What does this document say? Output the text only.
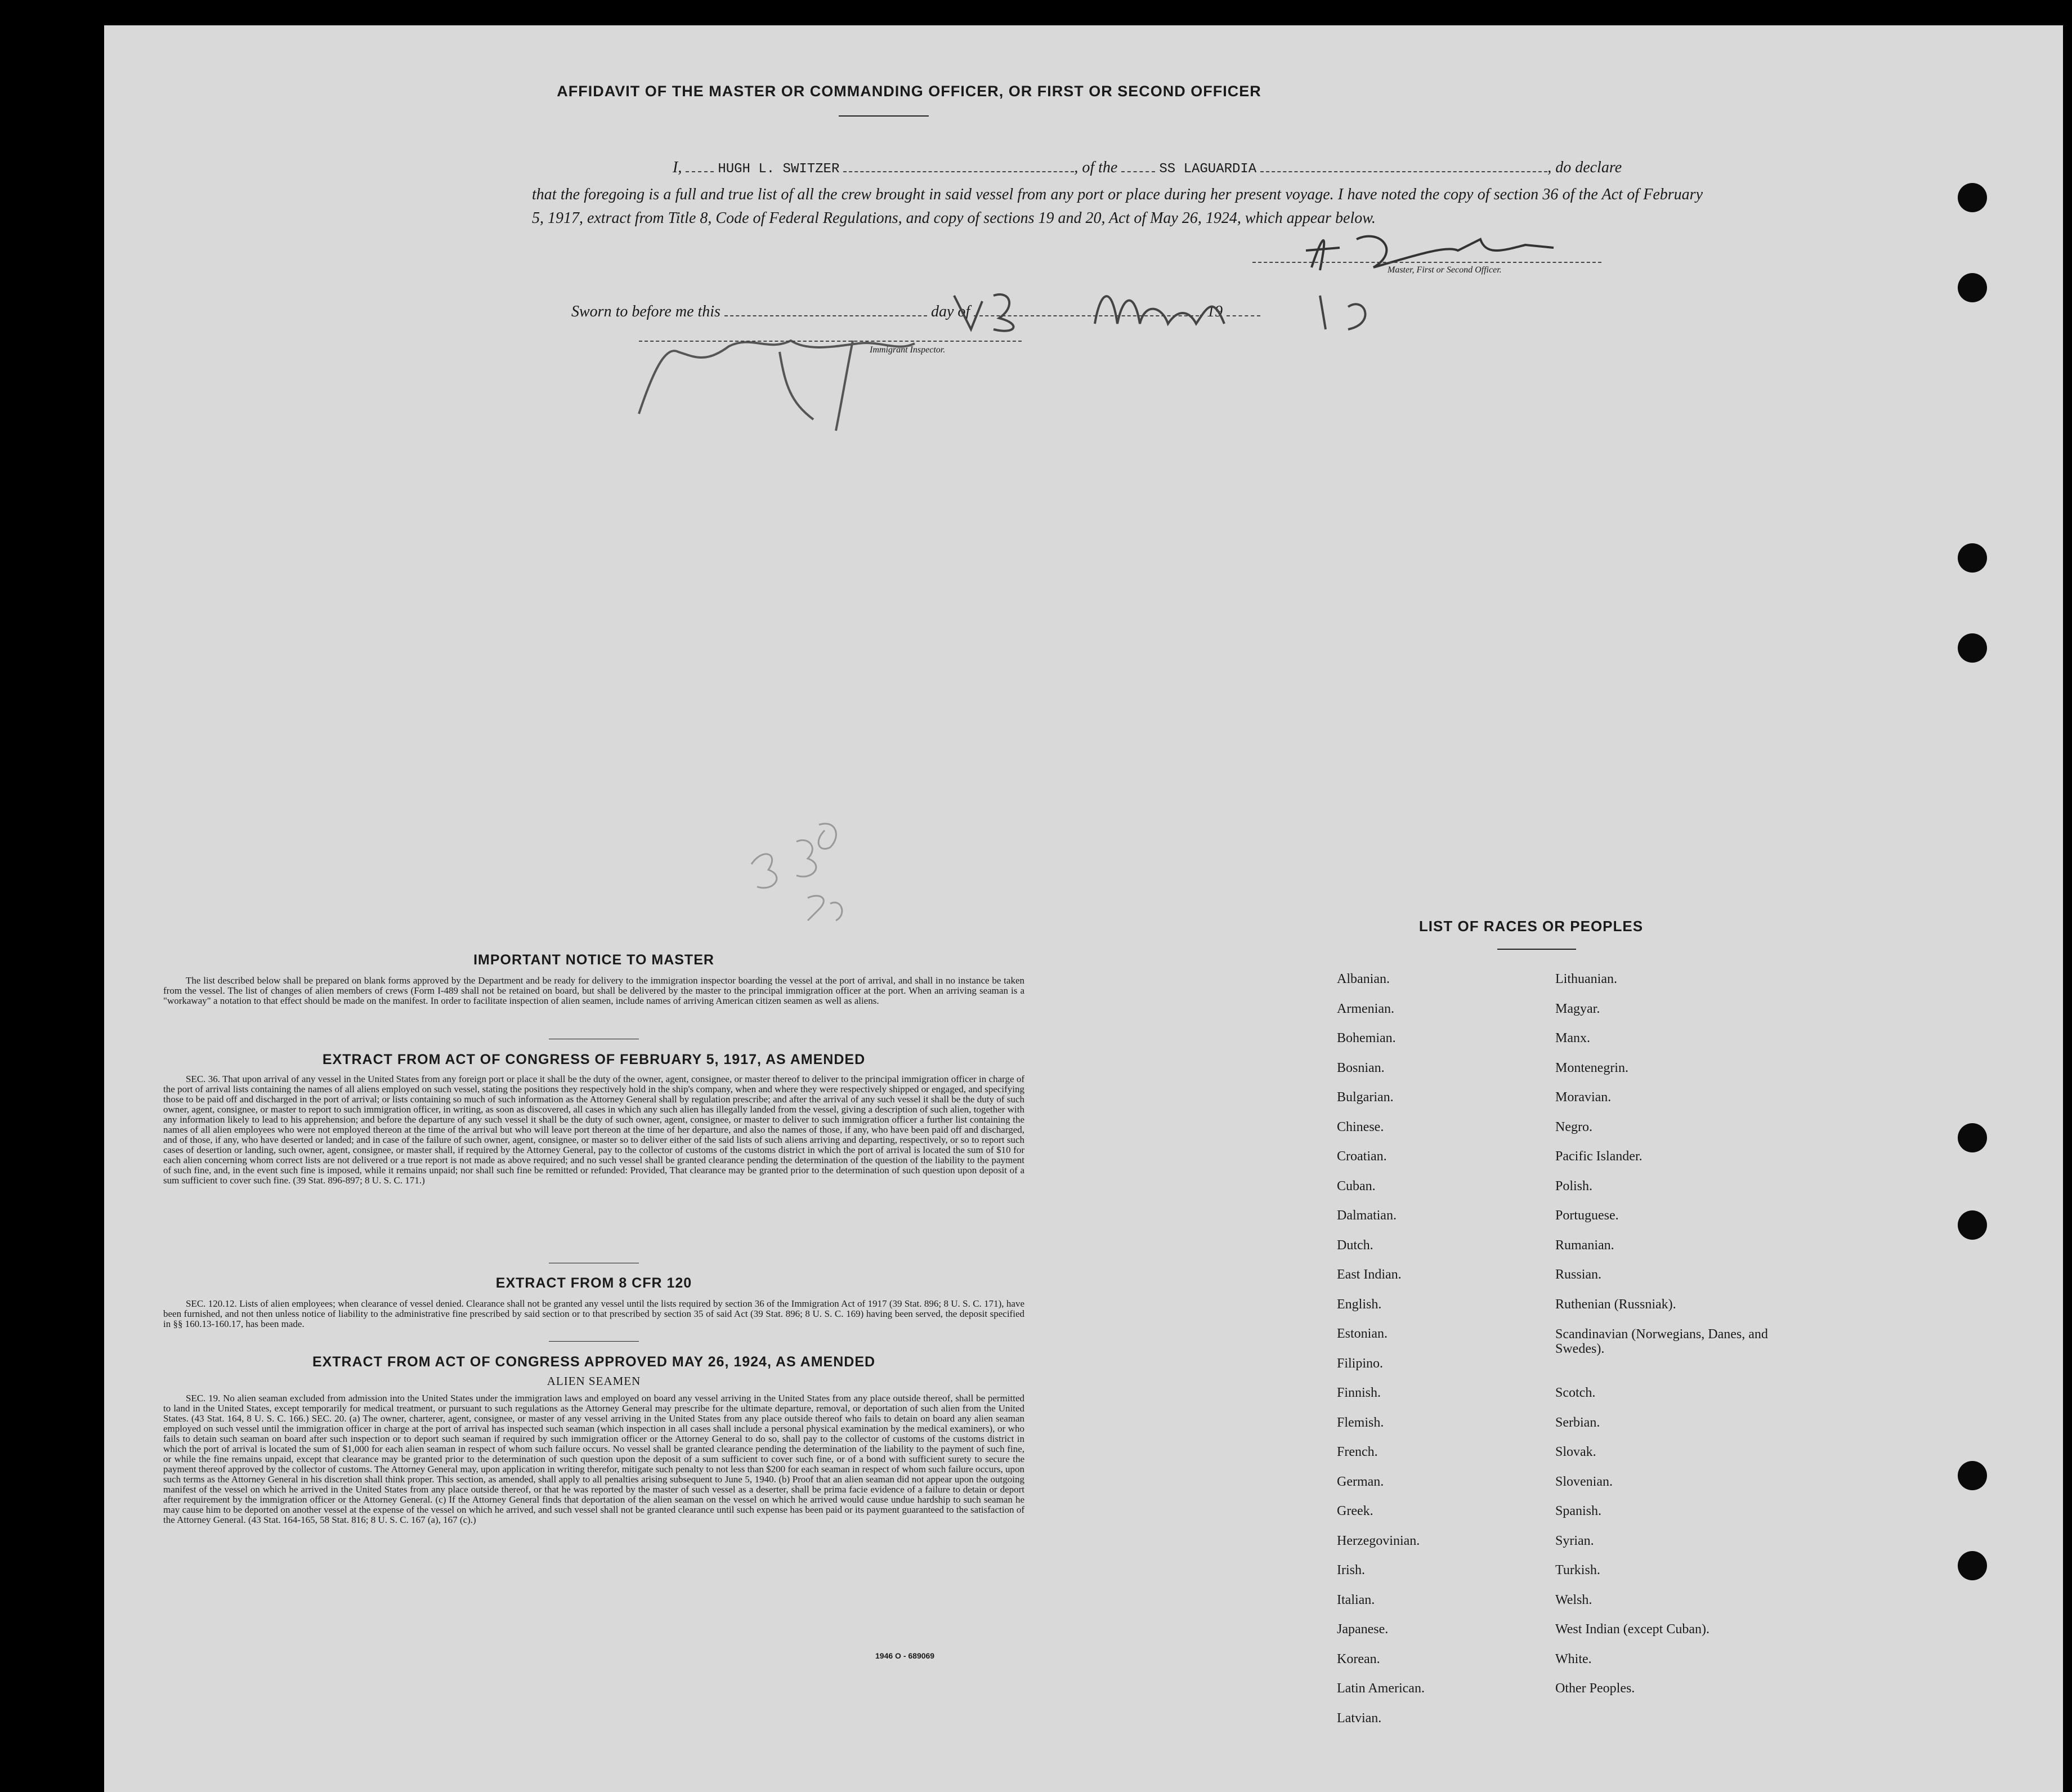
AFFIDAVIT OF THE MASTER OR COMMANDING OFFICER, OR FIRST OR SECOND OFFICER
I,	HUGH L. SWITZER	, of the	SS LAGUARDIA	, do declare
that the foregoing is a full and true list of all the crew brought in said vessel from any port or place during her present voyage. I have noted the copy of section 36 of the Act of February 5, 1917, extract from Title 8, Code of Federal Regulations, and copy of sections 19 and 20, Act of May 26, 1924, which appear below.
Master, First or Second Officer.
Sworn to before me this	day of	, 19
Immigrant Inspector.
IMPORTANT NOTICE TO MASTER
The list described below shall be prepared on blank forms approved by the Department and be ready for delivery to the immigration inspector boarding the vessel at the port of arrival, and shall in no instance be taken from the vessel. The list of changes of alien members of crews (Form I-489 shall not be retained on board, but shall be delivered by the master to the principal immigration officer at the port. When an arriving seaman is a "workaway" a notation to that effect should be made on the manifest. In order to facilitate inspection of alien seamen, include names of arriving American citizen seamen as well as aliens.
EXTRACT FROM ACT OF CONGRESS OF FEBRUARY 5, 1917, AS AMENDED
SEC. 36. That upon arrival of any vessel in the United States from any foreign port or place it shall be the duty of the owner, agent, consignee, or master thereof to deliver to the principal immigration officer in charge of the port of arrival lists containing the names of all aliens employed on such vessel, stating the positions they respectively hold in the ship's company, when and where they were respectively shipped or engaged, and specifying those to be paid off and discharged in the port of arrival; or lists containing so much of such information as the Attorney General shall by regulation prescribe; and after the arrival of any such vessel it shall be the duty of such owner, agent, consignee, or master to report to such immigration officer, in writing, as soon as discovered, all cases in which any such alien has illegally landed from the vessel, giving a description of such alien, together with any information likely to lead to his apprehension; and before the departure of any such vessel it shall be the duty of such owner, agent, consignee, or master to deliver to such immigration officer a further list containing the names of all alien employees who were not employed thereon at the time of the arrival but who will leave port thereon at the time of her departure, and also the names of those, if any, who have been paid off and discharged, and of those, if any, who have deserted or landed; and in case of the failure of such owner, agent, consignee, or master so to deliver either of the said lists of such aliens arriving and departing, respectively, or so to report such cases of desertion or landing, such owner, agent, consignee, or master shall, if required by the Attorney General, pay to the collector of customs of the customs district in which the port of arrival is located the sum of $10 for each alien concerning whom correct lists are not delivered or a true report is not made as above required; and no such vessel shall be granted clearance pending the determination of the question of the liability to the payment of such fine, and, in the event such fine is imposed, while it remains unpaid; nor shall such fine be remitted or refunded: Provided, That clearance may be granted prior to the determination of such question upon deposit of a sum sufficient to cover such fine. (39 Stat. 896-897; 8 U. S. C. 171.)
EXTRACT FROM 8 CFR 120
SEC. 120.12. Lists of alien employees; when clearance of vessel denied. Clearance shall not be granted any vessel until the lists required by section 36 of the Immigration Act of 1917 (39 Stat. 896; 8 U. S. C. 171), have been furnished, and not then unless notice of liability to the administrative fine prescribed by said section or to that prescribed by section 35 of said Act (39 Stat. 896; 8 U. S. C. 169) having been served, the deposit specified in §§ 160.13-160.17, has been made.
EXTRACT FROM ACT OF CONGRESS APPROVED MAY 26, 1924, AS AMENDED
ALIEN SEAMEN
SEC. 19. No alien seaman excluded from admission into the United States under the immigration laws and employed on board any vessel arriving in the United States from any place outside thereof, shall be permitted to land in the United States, except temporarily for medical treatment, or pursuant to such regulations as the Attorney General may prescribe for the ultimate departure, removal, or deportation of such alien from the United States. (43 Stat. 164, 8 U. S. C. 166.) SEC. 20. (a) The owner, charterer, agent, consignee, or master of any vessel arriving in the United States from any place outside thereof who fails to detain on board any alien seaman employed on such vessel until the immigration officer in charge at the port of arrival has inspected such seaman (which inspection in all cases shall include a personal physical examination by the medical examiners), or who fails to detain such seaman on board after such inspection or to deport such seaman if required by such immigration officer or the Attorney General to do so, shall pay to the collector of customs of the customs district in which the port of arrival is located the sum of $1,000 for each alien seaman in respect of whom such failure occurs. No vessel shall be granted clearance pending the determination of the liability to the payment of such fine, or while the fine remains unpaid, except that clearance may be granted prior to the determination of such question upon the deposit of a sum sufficient to cover such fine, or of a bond with sufficient surety to secure the payment thereof approved by the collector of customs. The Attorney General may, upon application in writing therefor, mitigate such penalty to not less than $200 for each seaman in respect of whom such failure occurs, upon such terms as the Attorney General in his discretion shall think proper. This section, as amended, shall apply to all penalties arising subsequent to June 5, 1940. (b) Proof that an alien seaman did not appear upon the outgoing manifest of the vessel on which he arrived in the United States from any place outside thereof, or that he was reported by the master of such vessel as a deserter, shall be prima facie evidence of a failure to detain or deport after requirement by the immigration officer or the Attorney General. (c) If the Attorney General finds that deportation of the alien seaman on the vessel on which he arrived would cause undue hardship to such seaman he may cause him to be deported on another vessel at the expense of the vessel on which he arrived, and such vessel shall not be granted clearance until such expense has been paid or its payment guaranteed to the satisfaction of the Attorney General. (43 Stat. 164-165, 58 Stat. 816; 8 U. S. C. 167 (a), 167 (c).)
1946 O - 689069
LIST OF RACES OR PEOPLES
Albanian.
Armenian.
Bohemian.
Bosnian.
Bulgarian.
Chinese.
Croatian.
Cuban.
Dalmatian.
Dutch.
East Indian.
English.
Estonian.
Filipino.
Finnish.
Flemish.
French.
German.
Greek.
Herzegovinian.
Irish.
Italian.
Japanese.
Korean.
Latin American.
Latvian.
Lithuanian.
Magyar.
Manx.
Montenegrin.
Moravian.
Negro.
Pacific Islander.
Polish.
Portuguese.
Rumanian.
Russian.
Ruthenian (Russniak).
Scandinavian (Norwegians, Danes, and Swedes).
Scotch.
Serbian.
Slovak.
Slovenian.
Spanish.
Syrian.
Turkish.
Welsh.
West Indian (except Cuban).
White.
Other Peoples.
